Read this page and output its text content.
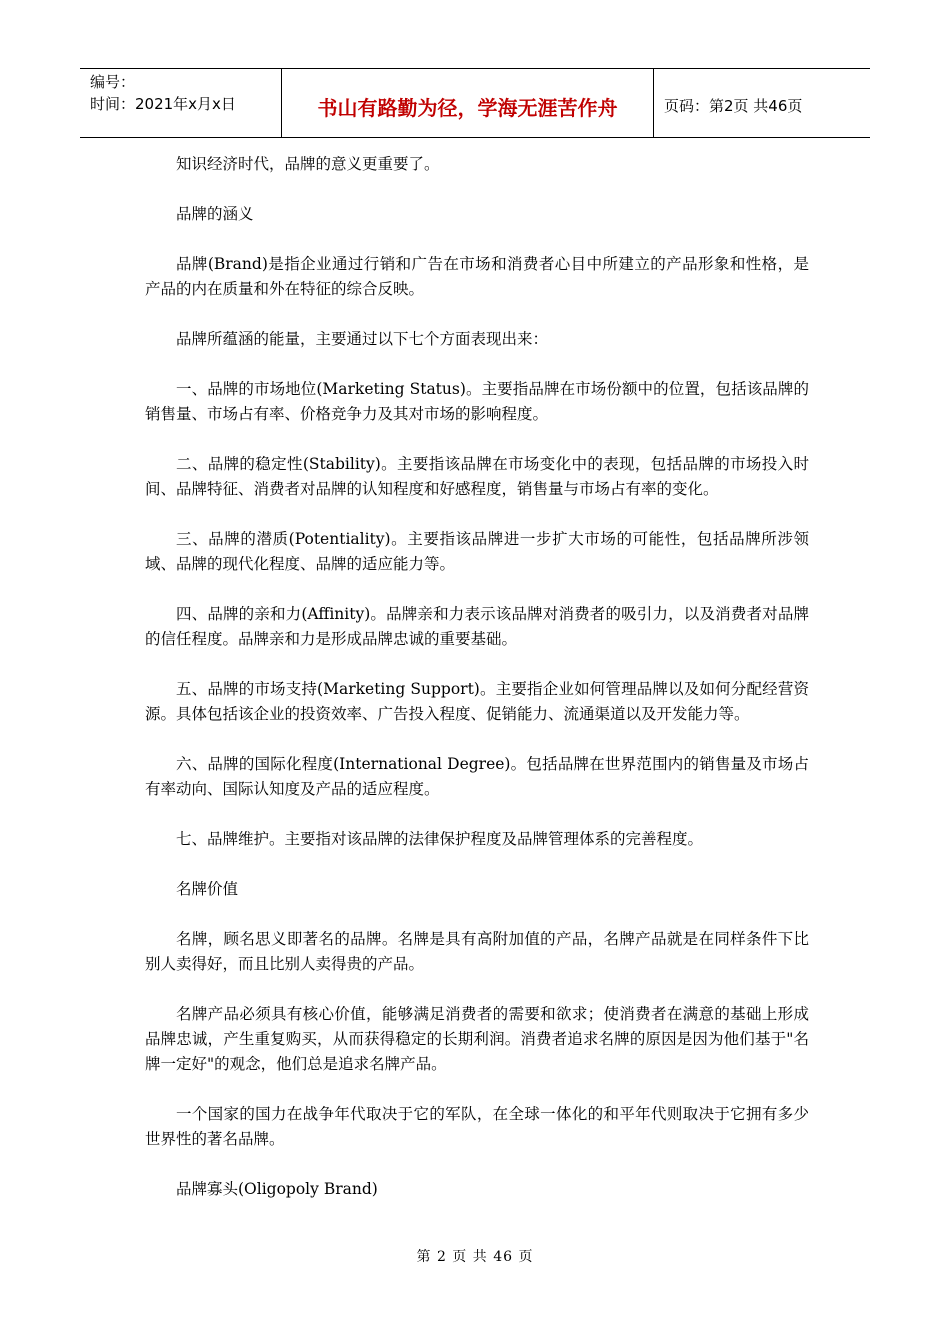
编号：
时间：2021年x月x日	书山有路勤为径，学海无涯苦作舟	页码：第2页 共46页

知识经济时代，品牌的意义更重要了。

品牌的涵义

品牌(Brand)是指企业通过行销和广告在市场和消费者心目中所建立的产品形象和性格，是产品的内在质量和外在特征的综合反映。

品牌所蕴涵的能量，主要通过以下七个方面表现出来：

一、品牌的市场地位(Marketing Status)。主要指品牌在市场份额中的位置，包括该品牌的销售量、市场占有率、价格竞争力及其对市场的影响程度。

二、品牌的稳定性(Stability)。主要指该品牌在市场变化中的表现，包括品牌的市场投入时间、品牌特征、消费者对品牌的认知程度和好感程度，销售量与市场占有率的变化。

三、品牌的潜质(Potentiality)。主要指该品牌进一步扩大市场的可能性，包括品牌所涉领域、品牌的现代化程度、品牌的适应能力等。

四、品牌的亲和力(Affinity)。品牌亲和力表示该品牌对消费者的吸引力，以及消费者对品牌的信任程度。品牌亲和力是形成品牌忠诚的重要基础。

五、品牌的市场支持(Marketing Support)。主要指企业如何管理品牌以及如何分配经营资源。具体包括该企业的投资效率、广告投入程度、促销能力、流通渠道以及开发能力等。

六、品牌的国际化程度(International Degree)。包括品牌在世界范围内的销售量及市场占有率动向、国际认知度及产品的适应程度。

七、品牌维护。主要指对该品牌的法律保护程度及品牌管理体系的完善程度。

名牌价值

名牌，顾名思义即著名的品牌。名牌是具有高附加值的产品，名牌产品就是在同样条件下比别人卖得好，而且比别人卖得贵的产品。

名牌产品必须具有核心价值，能够满足消费者的需要和欲求；使消费者在满意的基础上形成品牌忠诚，产生重复购买，从而获得稳定的长期利润。消费者追求名牌的原因是因为他们基于"名牌一定好"的观念，他们总是追求名牌产品。

一个国家的国力在战争年代取决于它的军队，在全球一体化的和平年代则取决于它拥有多少世界性的著名品牌。

品牌寡头(Oligopoly Brand)

第 2 页 共 46 页
